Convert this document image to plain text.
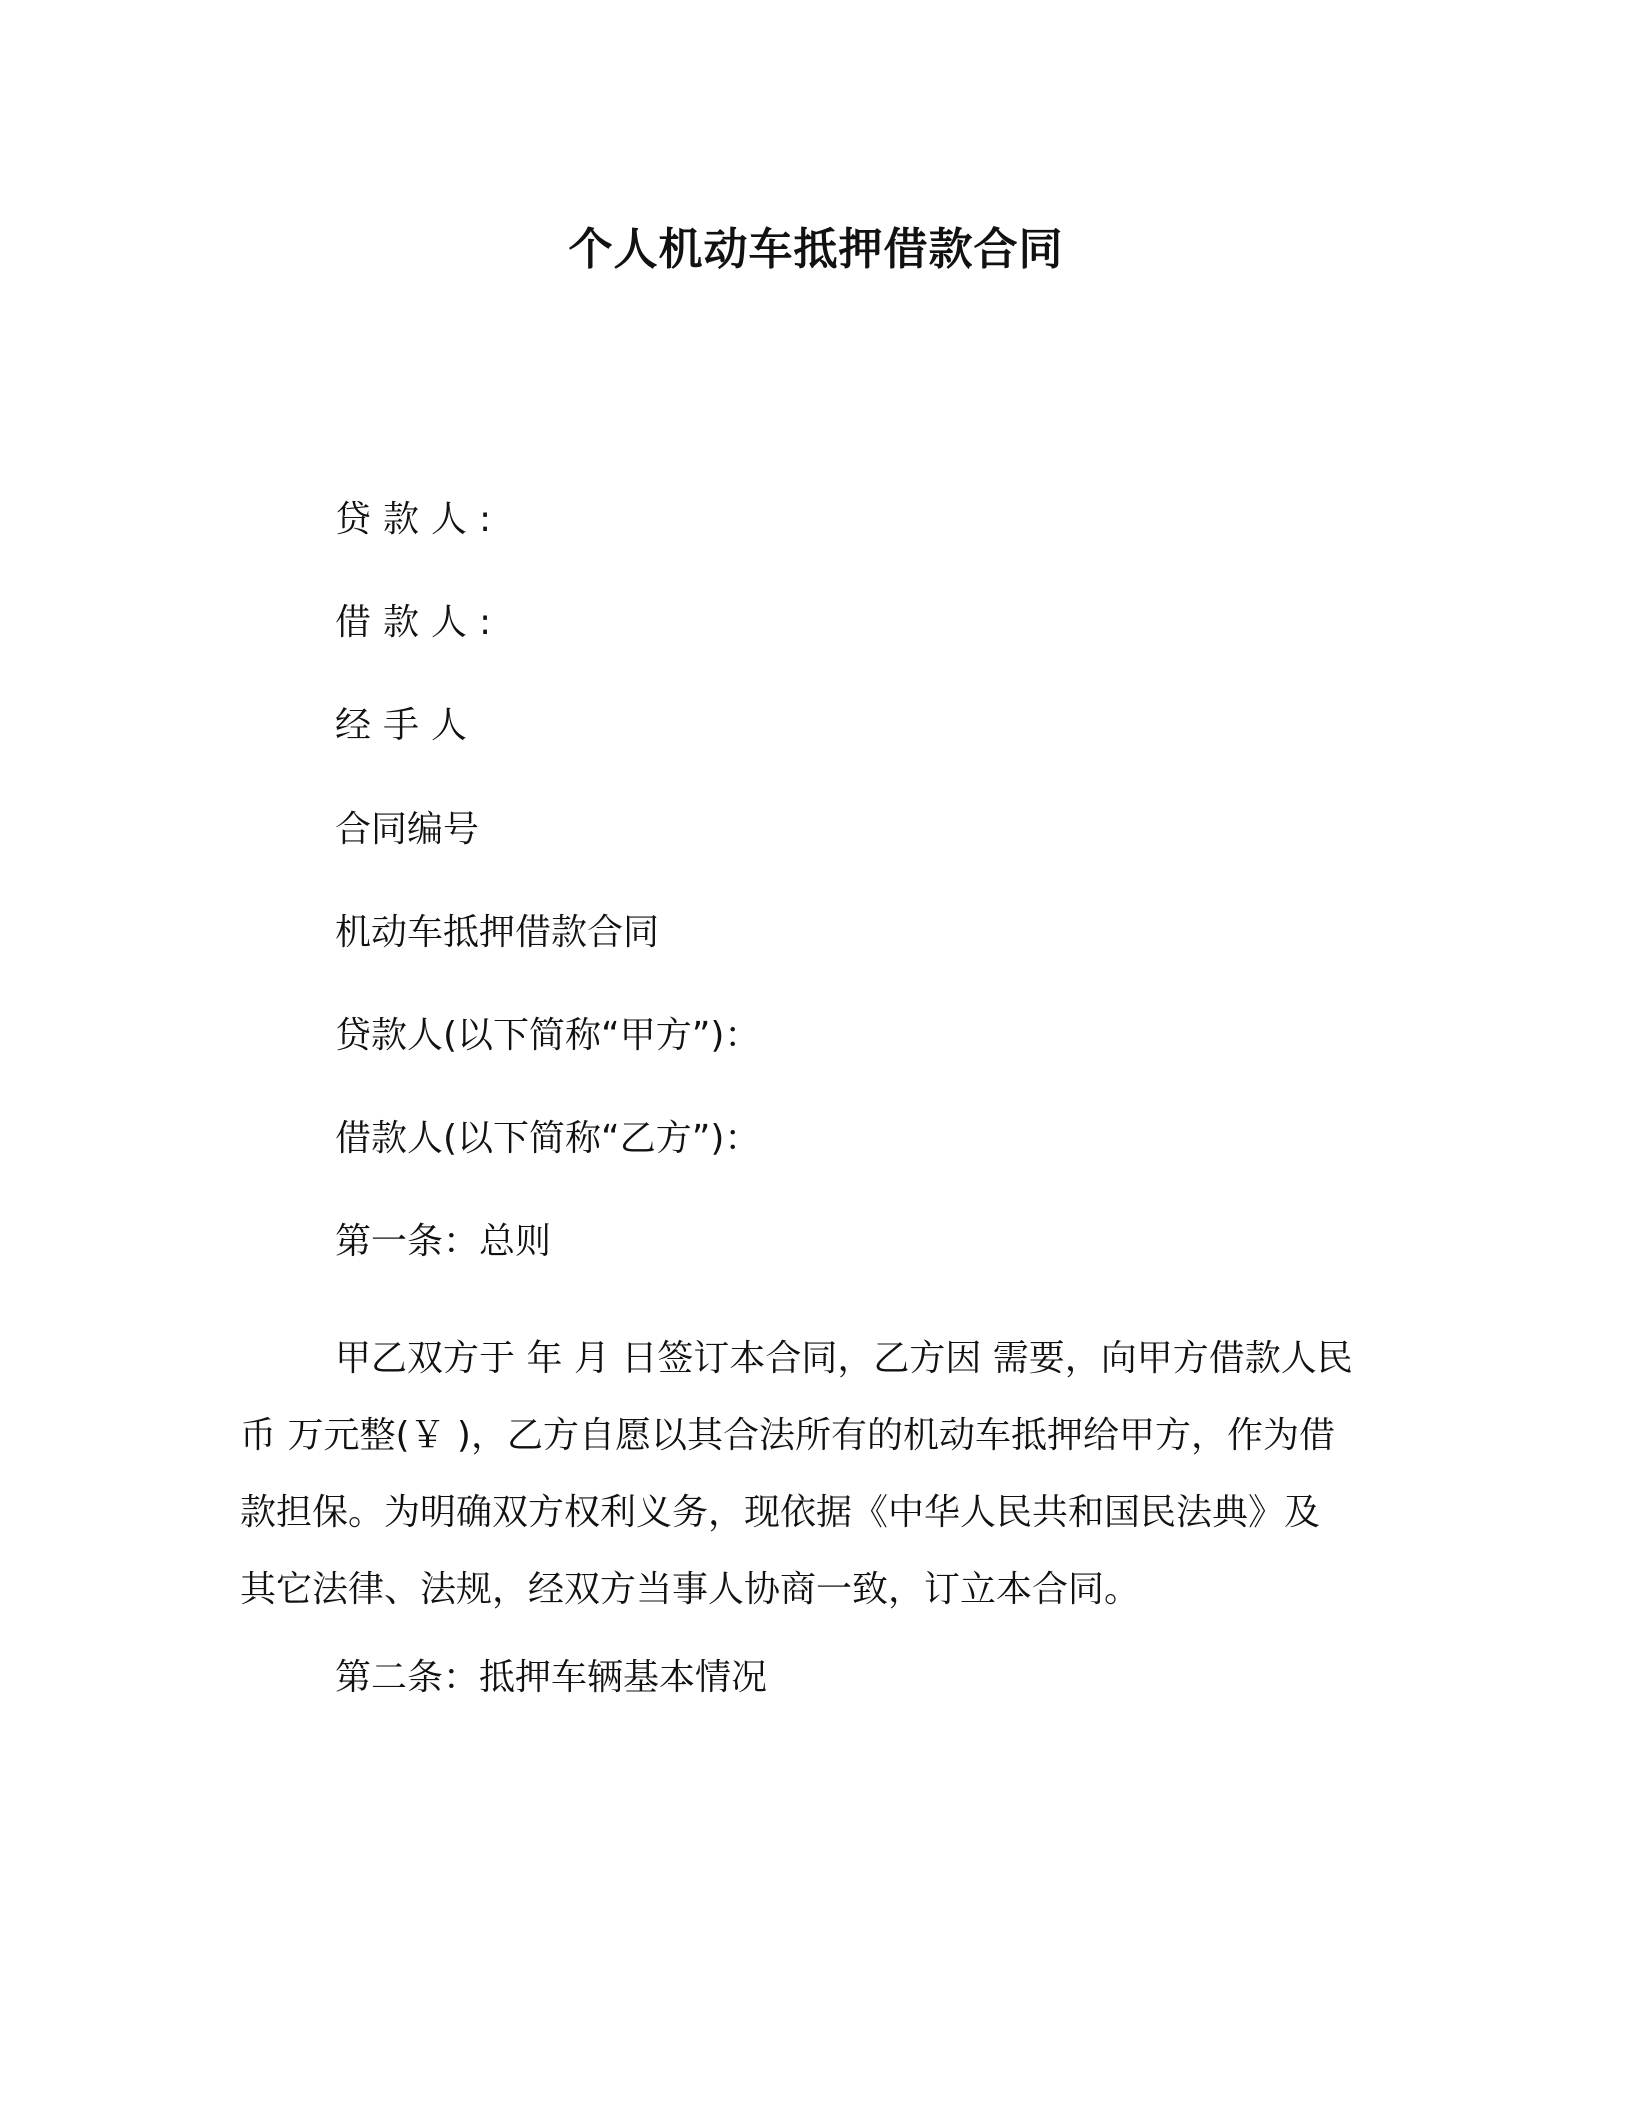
个人机动车抵押借款合同
贷款人:
借款人:
经手人
合同编号
机动车抵押借款合同
贷款人(以下简称“甲方”)：
借款人(以下简称“乙方”)：
第一条：总则
甲乙双方于 年 月 日签订本合同，乙方因 需要，向甲方借款人民
币 万元整(￥ )，乙方自愿以其合法所有的机动车抵押给甲方，作为借
款担保。为明确双方权利义务，现依据《中华人民共和国民法典》及
其它法律、法规，经双方当事人协商一致，订立本合同。
第二条：抵押车辆基本情况
